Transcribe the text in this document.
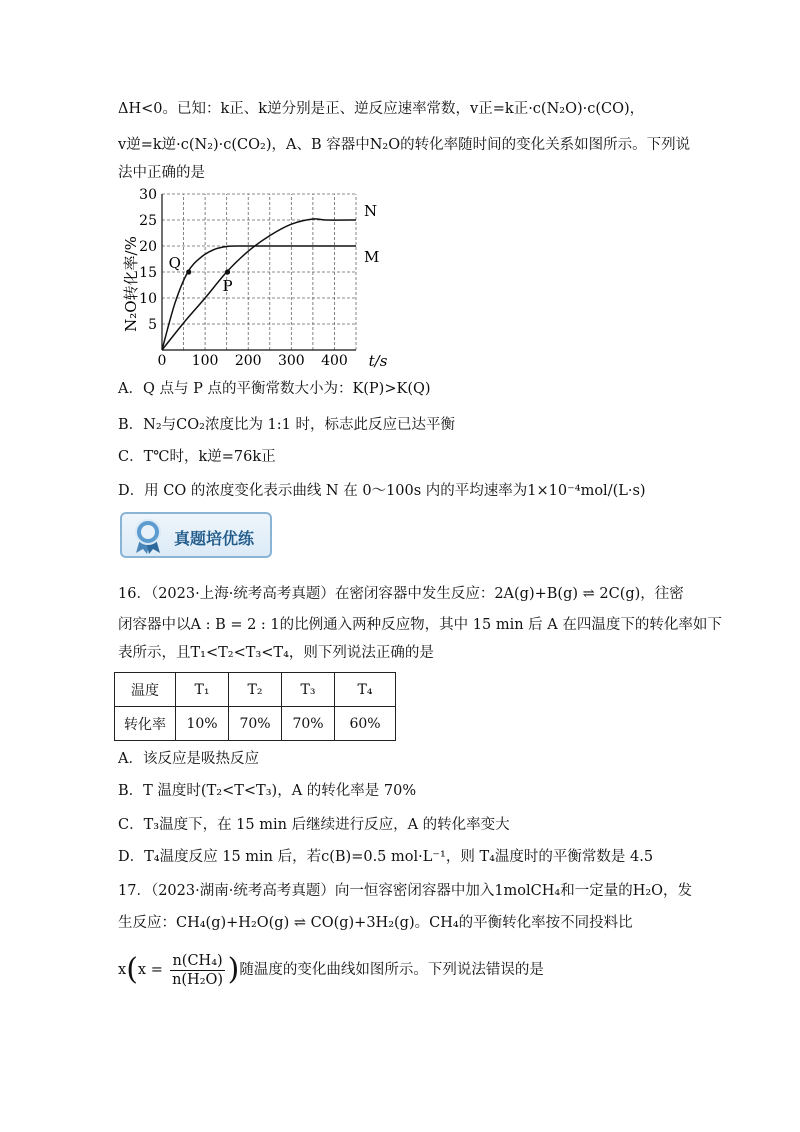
ΔH<0。已知：k正、k逆分别是正、逆反应速率常数，v正=k正·c(N₂O)·c(CO)，
v逆=k逆·c(N₂)·c(CO₂)，A、B 容器中N₂O的转化率随时间的变化关系如图所示。下列说
法中正确的是
0 100 200 300 400
5
10
15
20
25
30
N
M
Q
P
N₂O转化率/%
t/s
A．Q 点与 P 点的平衡常数大小为：K(P)>K(Q)
B．N₂与CO₂浓度比为 1:1 时，标志此反应已达平衡
C．T℃时，k逆=76k正
D．用 CO 的浓度变化表示曲线 N 在 0～100s 内的平均速率为1×10⁻⁴mol/(L·s)
真题培优练
16．（2023·上海·统考高考真题）在密闭容器中发生反应：2A(g)+B(g) ⇌ 2C(g)，往密
闭容器中以A : B = 2 : 1的比例通入两种反应物，其中 15 min 后 A 在四温度下的转化率如下
表所示，且T₁<T₂<T₃<T₄，则下列说法正确的是
温度	T₁	T₂	T₃	T₄
转化率	10%	70%	70%	60%
A．该反应是吸热反应
B．T 温度时(T₂<T<T₃)，A 的转化率是 70%
C．T₃温度下，在 15 min 后继续进行反应，A 的转化率变大
D．T₄温度反应 15 min 后，若c(B)=0.5 mol·L⁻¹，则 T₄温度时的平衡常数是 4.5
17．（2023·湖南·统考高考真题）向一恒容密闭容器中加入1molCH₄和一定量的H₂O，发
生反应：CH₄(g)+H₂O(g) ⇌ CO(g)+3H₂(g)。CH₄的平衡转化率按不同投料比
$x(x = \frac{\text{n(CH₄)}}{\text{n(H₂O)}}$ )随温度的变化曲线如图所示。下列说法错误的是
